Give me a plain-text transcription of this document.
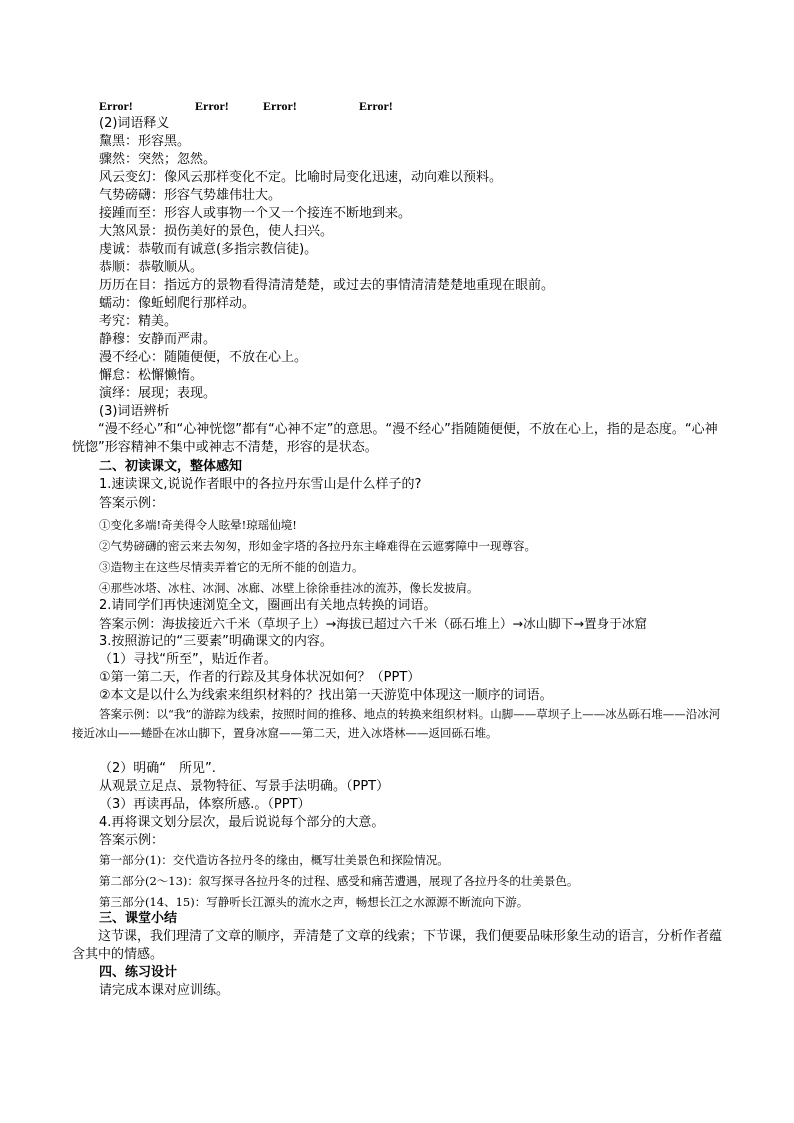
Error!	Error!	Error!	Error!
(2)词语释义
黧黑：形容黑。
骤然：突然；忽然。
风云变幻：像风云那样变化不定。比喻时局变化迅速，动向难以预料。
气势磅礴：形容气势雄伟壮大。
接踵而至：形容人或事物一个又一个接连不断地到来。
大煞风景：损伤美好的景色，使人扫兴。
虔诚：恭敬而有诚意(多指宗教信徒)。
恭顺：恭敬顺从。
历历在目：指远方的景物看得清清楚楚，或过去的事情清清楚楚地重现在眼前。
蠕动：像蚯蚓爬行那样动。
考究：精美。
静穆：安静而严肃。
漫不经心：随随便便，不放在心上。
懈怠：松懈懒惰。
演绎：展现；表现。
(3)词语辨析
“漫不经心”和“心神恍惚”都有“心神不定”的意思。“漫不经心”指随随便便，不放在心上，指的是态度。“心神恍惚”形容精神不集中或神志不清楚，形容的是状态。
二、初读课文，整体感知
1.速读课文,说说作者眼中的各拉丹东雪山是什么样子的?
答案示例：
①变化多端!奇美得令人眩晕!琼瑶仙境!
②气势磅礴的密云来去匆匆，形如金字塔的各拉丹东主峰难得在云遮雾障中一现尊容。
③造物主在这些尽情卖弄着它的无所不能的创造力。
④那些冰塔、冰柱、冰洞、冰廊、冰壁上徐徐垂挂冰的流苏，像长发披肩。
2.请同学们再快速浏览全文，圈画出有关地点转换的词语。
答案示例：海拔接近六千米（草坝子上）→海拔已超过六千米（砾石堆上）→冰山脚下→置身于冰窟
3.按照游记的“三要素”明确课文的内容。
（1）寻找“所至”，贴近作者。
①第一第二天，作者的行踪及其身体状况如何？（PPT）
②本文是以什么为线索来组织材料的？找出第一天游览中体现这一顺序的词语。
答案示例：以“我”的游踪为线索，按照时间的推移、地点的转换来组织材料。山脚——草坝子上——冰丛砾石堆——沿冰河接近冰山——蜷卧在冰山脚下，置身冰窟——第二天，进入冰塔林——返回砾石堆。
（2）明确“　所见”.
从观景立足点、景物特征、写景手法明确。（PPT）
（3）再读再品，体察所感.。（PPT）
4.再将课文划分层次，最后说说每个部分的大意。
答案示例：
第一部分(1)：交代造访各拉丹冬的缘由，概写壮美景色和探险情况。
第二部分(2～13)：叙写探寻各拉丹冬的过程、感受和痛苦遭遇，展现了各拉丹冬的壮美景色。
第三部分(14、15)：写静听长江源头的流水之声，畅想长江之水源源不断流向下游。
三、课堂小结
这节课，我们理清了文章的顺序，弄清楚了文章的线索；下节课，我们便要品味形象生动的语言，分析作者蕴含其中的情感。
四、练习设计
请完成本课对应训练。
